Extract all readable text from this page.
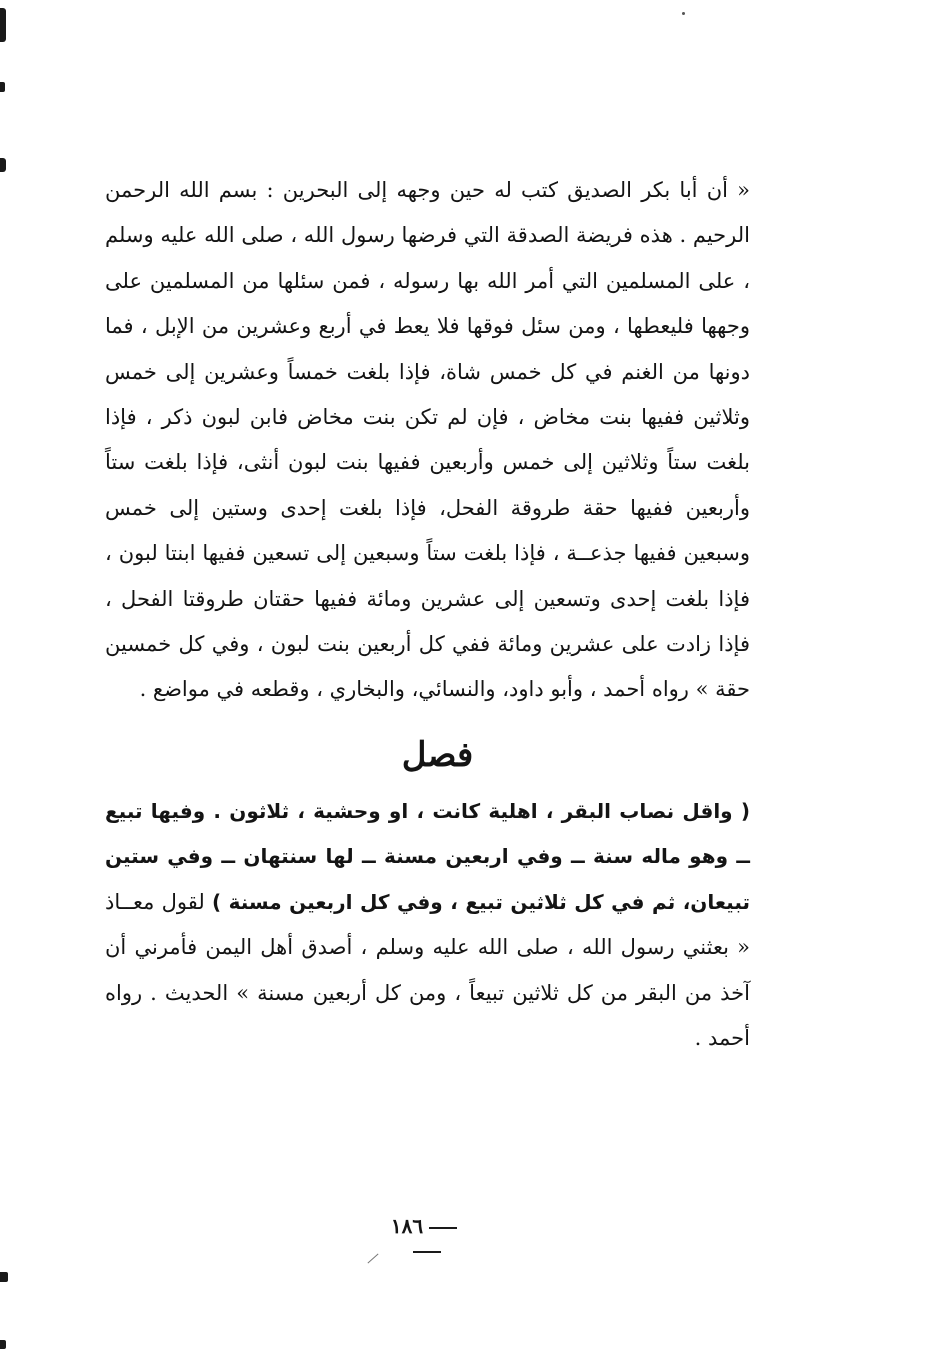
« أن أبا بكر الصديق كتب له حين وجهه إلى البحرين : بسم الله الرحمن الرحيم . هذه فريضة الصدقة التي فرضها رسول الله ، صلى الله عليه وسلم ، على المسلمين التي أمر الله بها رسوله ، فمن سئلها من المسلمين على وجهها فليعطها ، ومن سئل فوقها فلا يعط في أربع وعشرين من الإبل ، فما دونها من الغنم في كل خمس شاة، فإذا بلغت خمساً وعشرين إلى خمس وثلاثين ففيها بنت مخاض ، فإن لم تكن بنت مخاض فابن لبون ذكر ، فإذا بلغت ستاً وثلاثين إلى خمس وأربعين ففيها بنت لبون أنثى، فإذا بلغت ستاً وأربعين ففيها حقة طروقة الفحل، فإذا بلغت إحدى وستين إلى خمس وسبعين ففيها جذعــة ، فإذا بلغت ستاً وسبعين إلى تسعين ففيها ابنتا لبون ، فإذا بلغت إحدى وتسعين إلى عشرين ومائة ففيها حقتان طروقتا الفحل ، فإذا زادت على عشرين ومائة ففي كل أربعين بنت لبون ، وفي كل خمسين حقة » رواه أحمد ، وأبو داود، والنسائي، والبخاري ، وقطعه في مواضع .

فصل

( واقل نصاب البقر ، اهلية كانت ، او وحشية ، ثلاثون . وفيها تبيع ــ وهو ماله سنة ــ وفي اربعين مسنة ــ لها سنتهان ــ وفي ستين تبيعان، ثم في كل ثلاثين تبيع ، وفي كل اربعين مسنة ) لقول معــاذ « بعثني رسول الله ، صلى الله عليه وسلم ، أصدق أهل اليمن فأمرني أن آخذ من البقر من كل ثلاثين تبيعاً ، ومن كل أربعين مسنة » الحديث . رواه أحمد .

١٨٦
